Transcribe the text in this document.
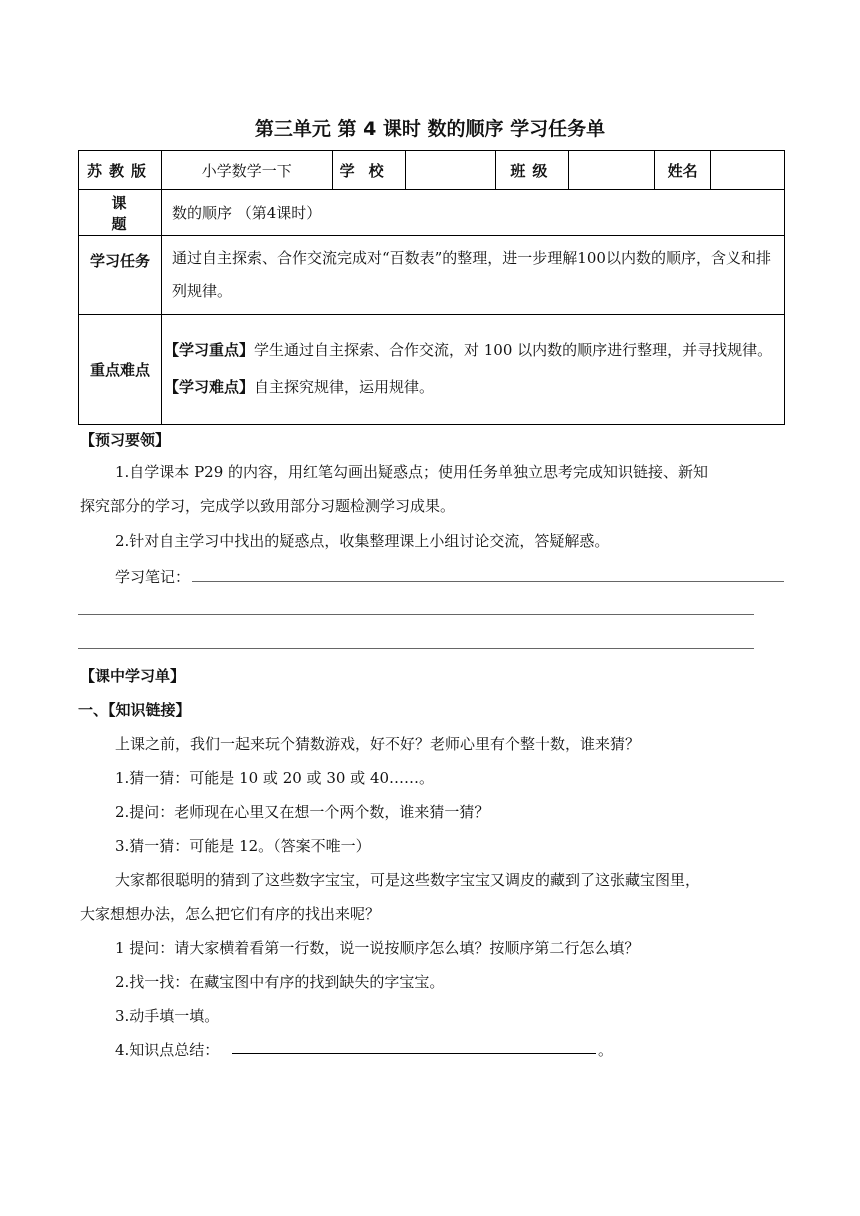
第三单元 第 4 课时 数的顺序 学习任务单
苏教版	小学数学一下	学校		班级		姓名	
课题	数的顺序 （第4课时）						
学习任务	通过自主探索、合作交流完成对“百数表”的整理，进一步理解100以内数的顺序，含义和排列规律。						
重点难点	【学习重点】学生通过自主探索、合作交流，对 100 以内数的顺序进行整理，并寻找规律。
【学习难点】自主探究规律，运用规律。						
【预习要领】
1.自学课本 P29 的内容，用红笔勾画出疑惑点；使用任务单独立思考完成知识链接、新知
探究部分的学习，完成学以致用部分习题检测学习成果。
2.针对自主学习中找出的疑惑点，收集整理课上小组讨论交流，答疑解惑。
学习笔记：
【课中学习单】
一、【知识链接】
上课之前，我们一起来玩个猜数游戏，好不好？老师心里有个整十数，谁来猜？
1.猜一猜：可能是 10 或 20 或 30 或 40……。
2.提问：老师现在心里又在想一个两个数，谁来猜一猜？
3.猜一猜：可能是 12。（答案不唯一）
大家都很聪明的猜到了这些数字宝宝，可是这些数字宝宝又调皮的藏到了这张藏宝图里，
大家想想办法，怎么把它们有序的找出来呢？
1 提问：请大家横着看第一行数，说一说按顺序怎么填？按顺序第二行怎么填？
2.找一找：在藏宝图中有序的找到缺失的字宝宝。
3.动手填一填。
4.知识点总结：	。
